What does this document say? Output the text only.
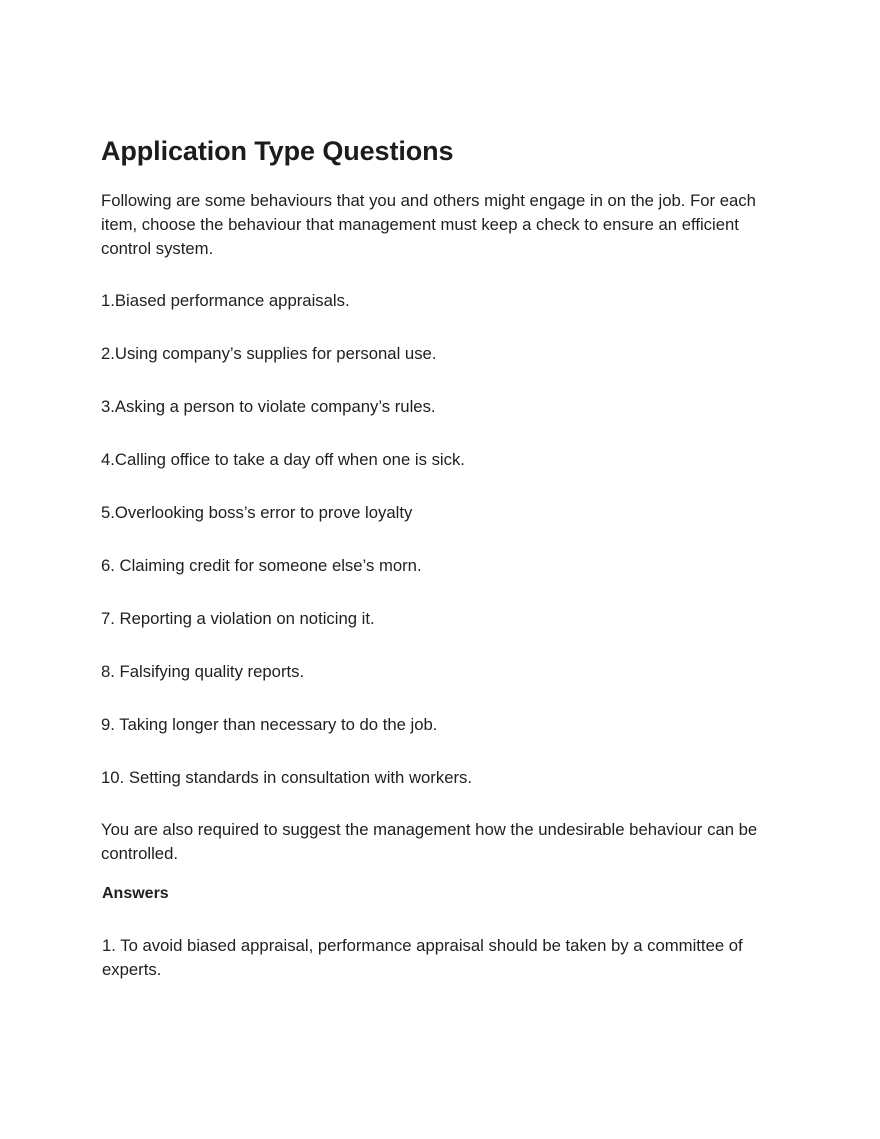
Application Type Questions

Following are some behaviours that you and others might engage in on the job. For each item, choose the behaviour that management must keep a check to ensure an efficient control system.

1.Biased performance appraisals.
2.Using company’s supplies for personal use.
3.Asking a person to violate company’s rules.
4.Calling office to take a day off when one is sick.
5.Overlooking boss’s error to prove loyalty
6. Claiming credit for someone else’s morn.
7. Reporting a violation on noticing it.
8. Falsifying quality reports.
9. Taking longer than necessary to do the job.
10. Setting standards in consultation with workers.

You are also required to suggest the management how the undesirable behaviour can be controlled.

Answers

1. To avoid biased appraisal, performance appraisal should be taken by a committee of experts.
